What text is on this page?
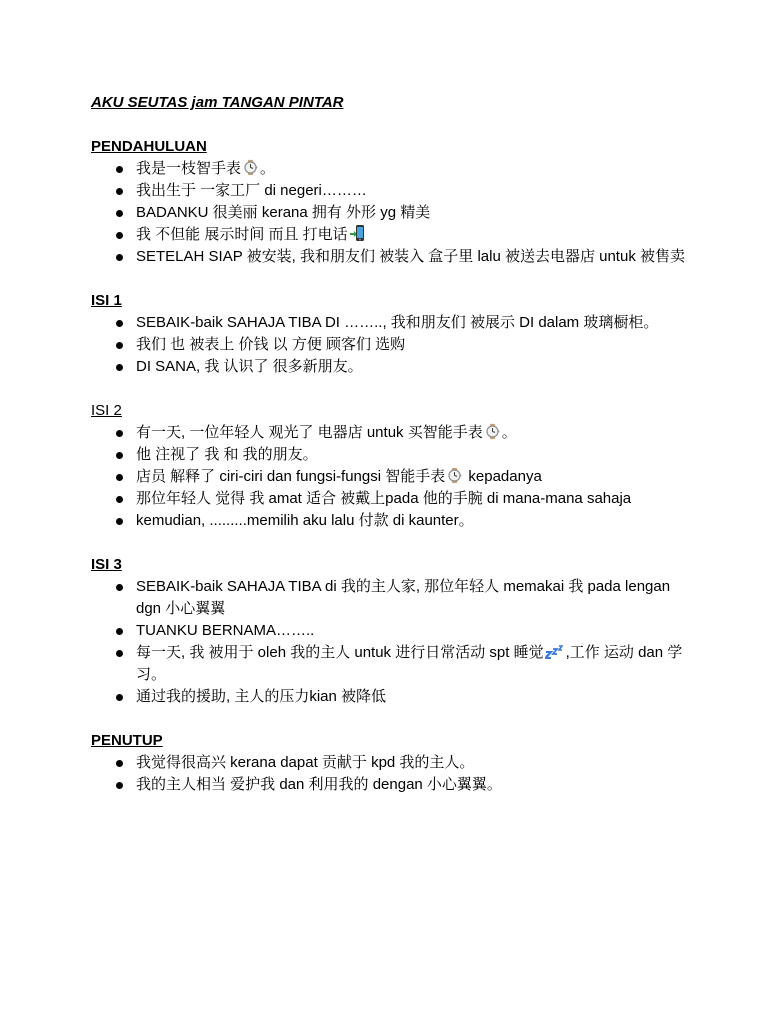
AKU SEUTAS jam TANGAN PINTAR
PENDAHULUAN
我是一枝智手表 。
我出生于 一家工厂 di negeri………
BADANKU 很美丽 kerana 拥有 外形 yg 精美
我 不但能 展示时间 而且 打电话
SETELAH SIAP 被安装, 我和朋友们 被装入 盒子里 lalu 被送去电器店 untuk 被售卖
ISI 1
SEBAIK-baik SAHAJA TIBA DI …….., 我和朋友们 被展示 DI dalam 玻璃橱柜。
我们 也 被表上 价钱 以 方便 顾客们 选购
DI SANA, 我 认识了 很多新朋友。
ISI 2
有一天, 一位年轻人 观光了 电器店 untuk 买智能手表 。
他 注视了 我 和 我的朋友。
店员 解释了 ciri-ciri dan fungsi-fungsi 智能手表 kepadanya
那位年轻人 觉得 我 amat 适合 被戴上pada 他的手腕 di mana-mana sahaja
kemudian, .........memilih aku lalu 付款 di kaunter。
ISI 3
SEBAIK-baik SAHAJA TIBA di 我的主人家, 那位年轻人 memakai 我 pada lengan dgn 小心翼翼
TUANKU BERNAMA……..
每一天, 我 被用于 oleh 我的主人 untuk 进行日常活动 spt 睡觉 ,工作 运动 dan 学习。
通过我的援助, 主人的压力kian 被降低
PENUTUP
我觉得很高兴 kerana dapat 贡献于 kpd 我的主人。
我的主人相当 爱护我 dan 利用我的 dengan 小心翼翼。
